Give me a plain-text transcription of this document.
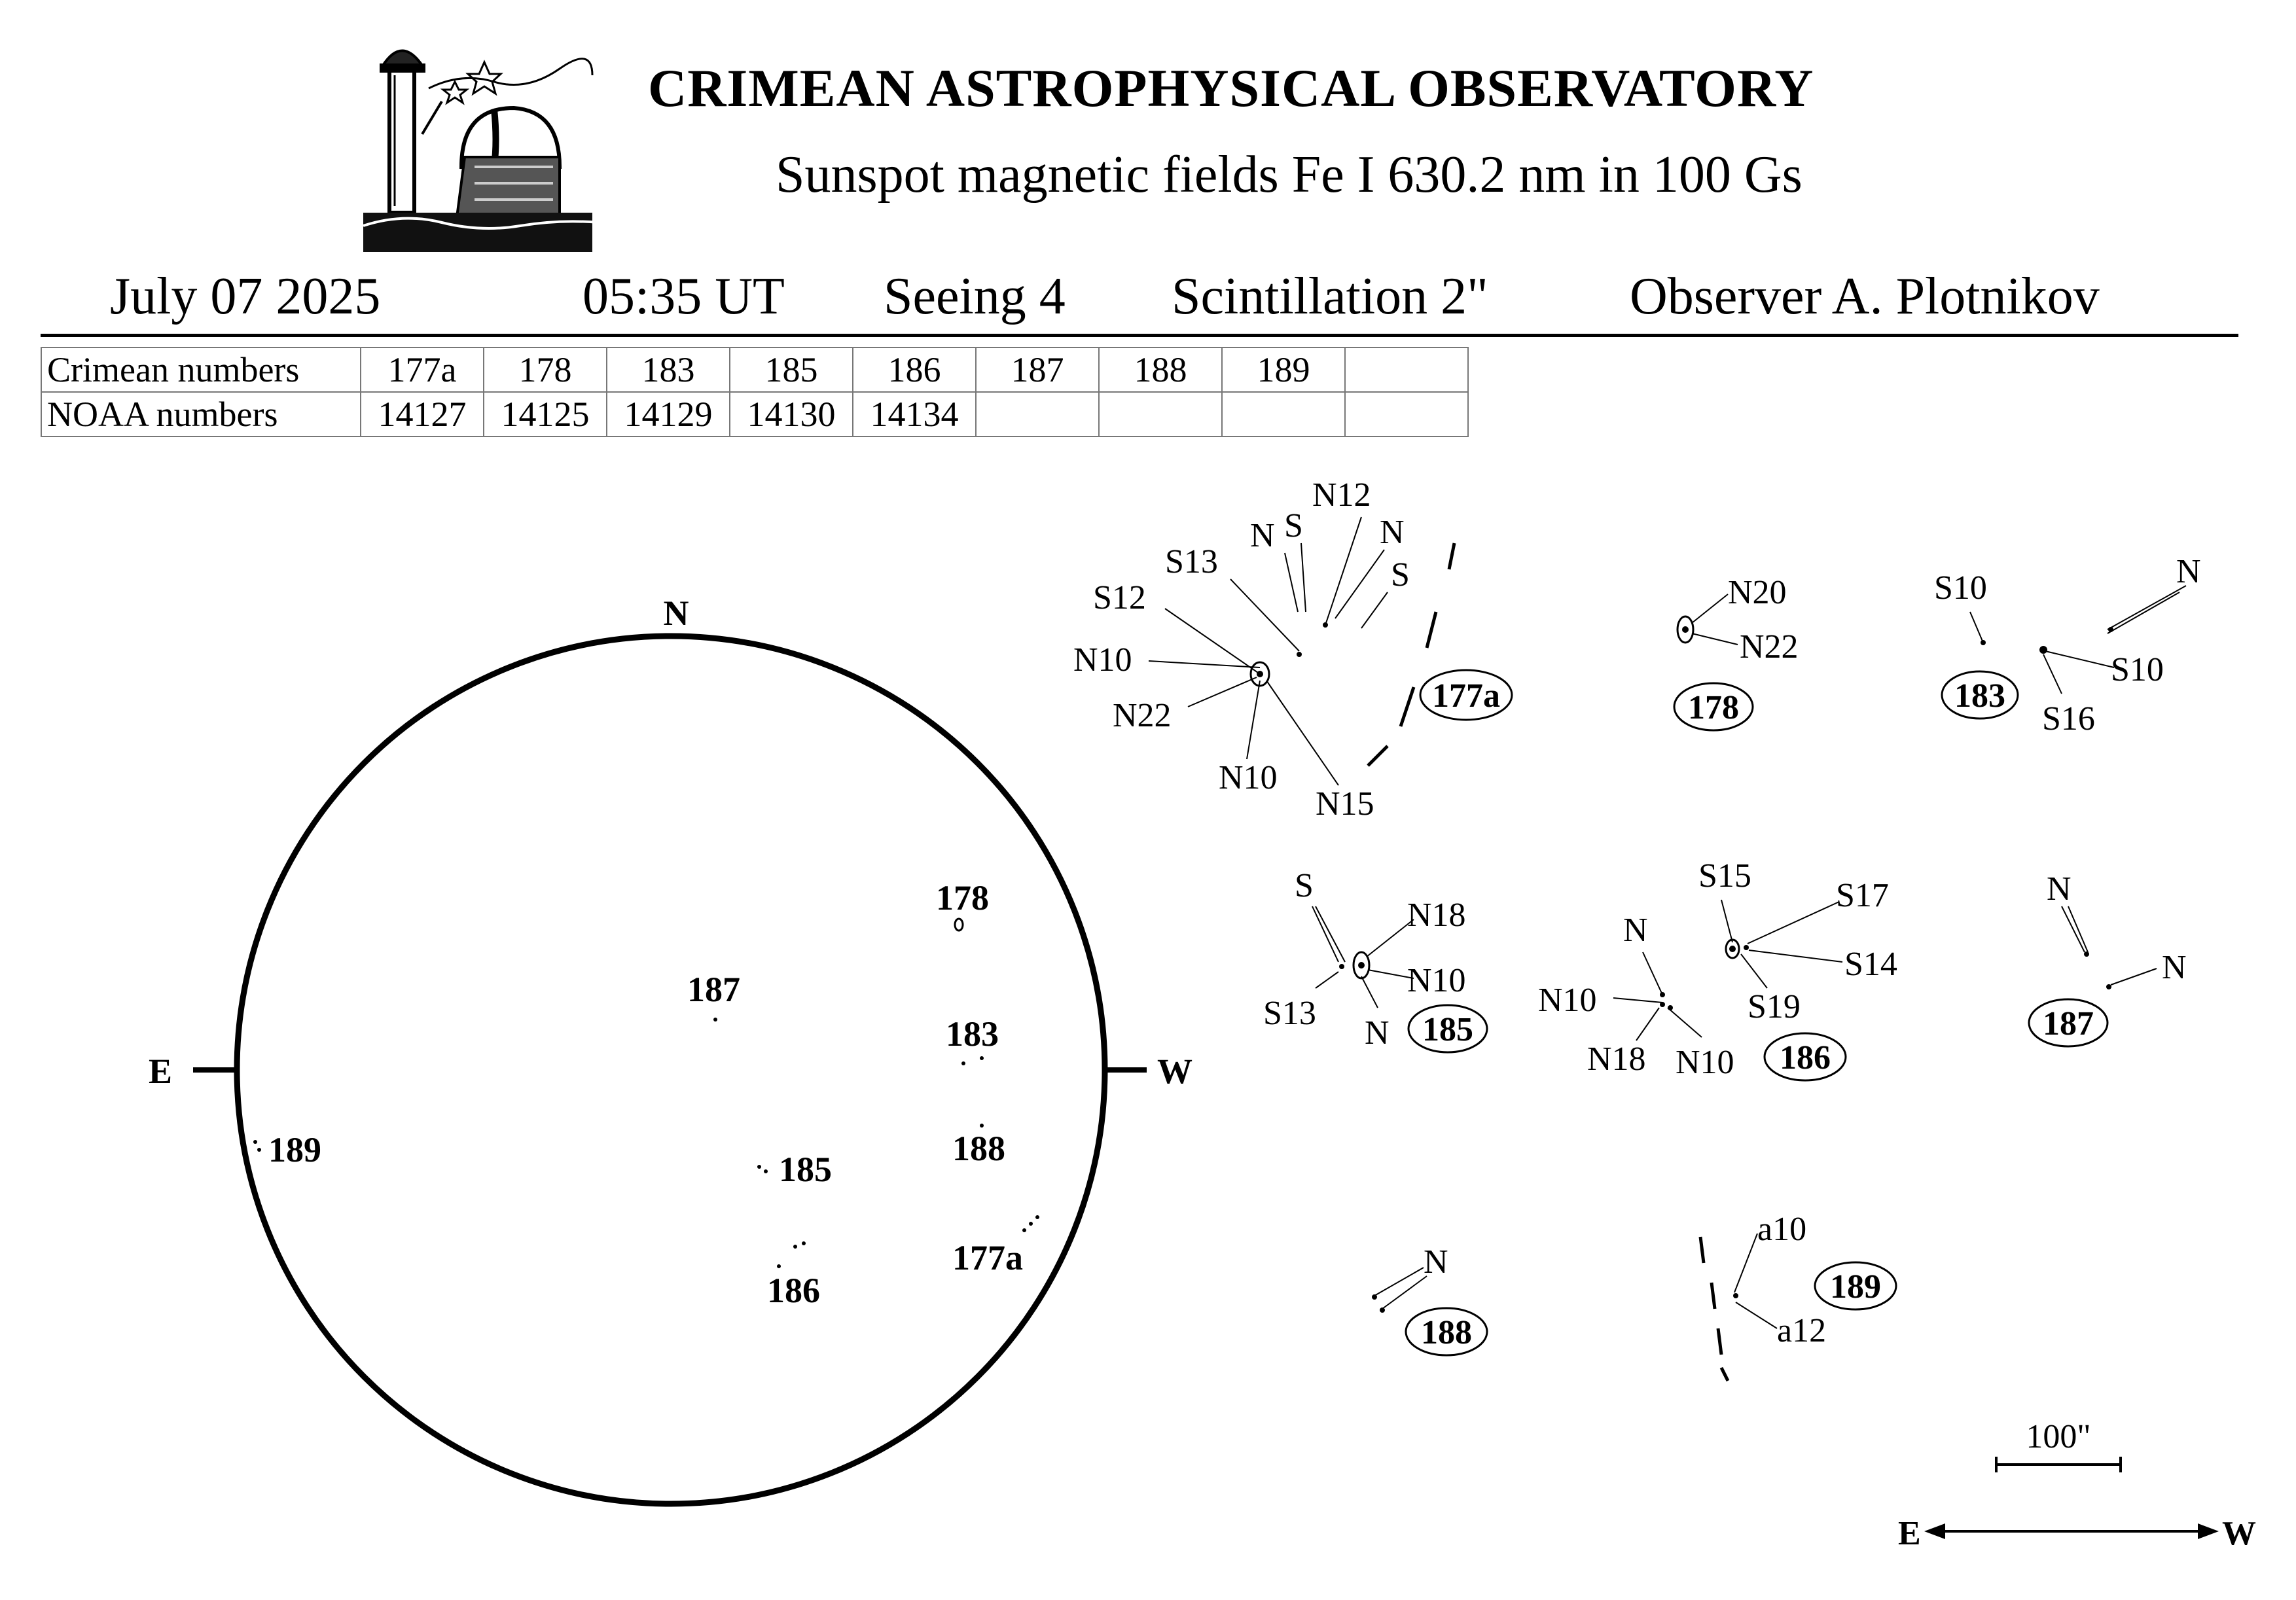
CRIMEAN ASTROPHYSICAL OBSERVATORY
Sunspot magnetic fields Fe I 630.2 nm in 100 Gs
July 07 2025	05:35 UT Seeing 4 Scintillation 2"	Observer A. Plotnikov
Crimean numbers	177a	178	183	185	186	187	188	189	
NOAA numbers	14127	14125	14129	14130	14134				
N
E	W
178
187
183
189	185
188
177a
186
N S
N12
N
S
S13
S12
N10
N22
N10
N15
177a
N20
N22
178
S10	N
S10
S16
183
S
N18
N10
S13
N 185
S15
S17
N
S14
N10	S19
N18 N10 186
N
N
187
N
188
a10
a12
189
100"
E	W
